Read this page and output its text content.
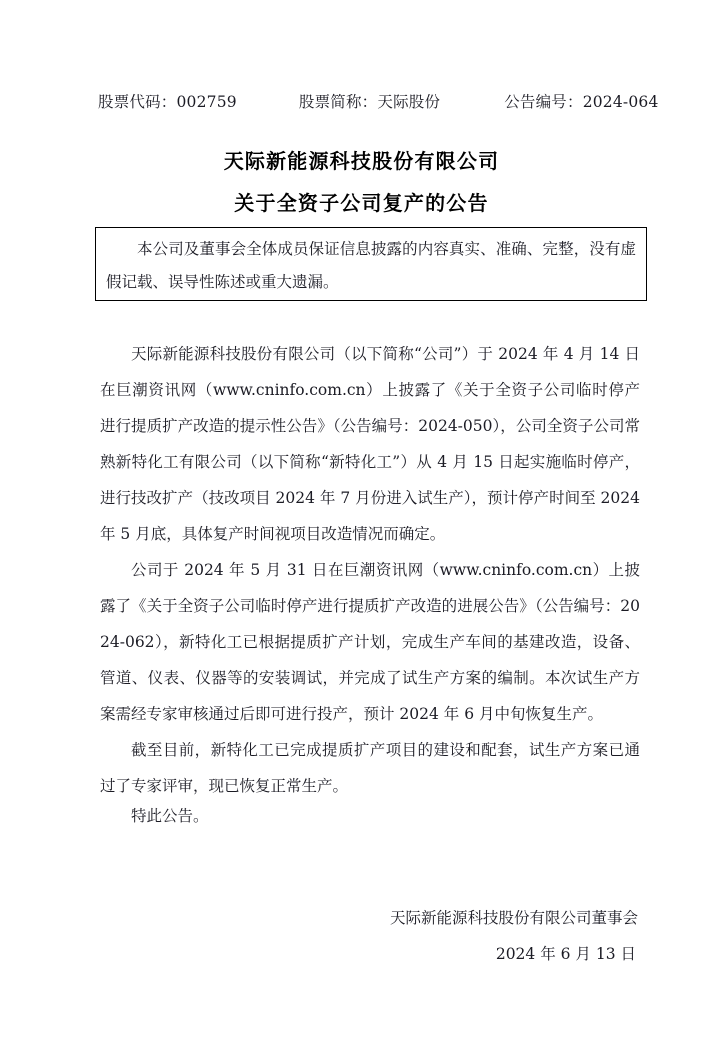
股票代码：002759	股票简称：天际股份	公告编号：2024-064
天际新能源科技股份有限公司
关于全资子公司复产的公告
本公司及董事会全体成员保证信息披露的内容真实、准确、完整，没有虚假记载、误导性陈述或重大遗漏。

天际新能源科技股份有限公司（以下简称“公司”）于 2024 年 4 月 14 日在巨潮资讯网（www.cninfo.com.cn）上披露了《关于全资子公司临时停产进行提质扩产改造的提示性公告》（公告编号：2024-050），公司全资子公司常熟新特化工有限公司（以下简称“新特化工”）从 4 月 15 日起实施临时停产，进行技改扩产（技改项目 2024 年 7 月份进入试生产），预计停产时间至 2024 年 5 月底，具体复产时间视项目改造情况而确定。

公司于 2024 年 5 月 31 日在巨潮资讯网（www.cninfo.com.cn）上披露了《关于全资子公司临时停产进行提质扩产改造的进展公告》（公告编号：2024-062），新特化工已根据提质扩产计划，完成生产车间的基建改造，设备、管道、仪表、仪器等的安装调试，并完成了试生产方案的编制。本次试生产方案需经专家审核通过后即可进行投产，预计 2024 年 6 月中旬恢复生产。

截至目前，新特化工已完成提质扩产项目的建设和配套，试生产方案已通过了专家评审，现已恢复正常生产。

特此公告。
天际新能源科技股份有限公司董事会
2024 年 6 月 13 日
